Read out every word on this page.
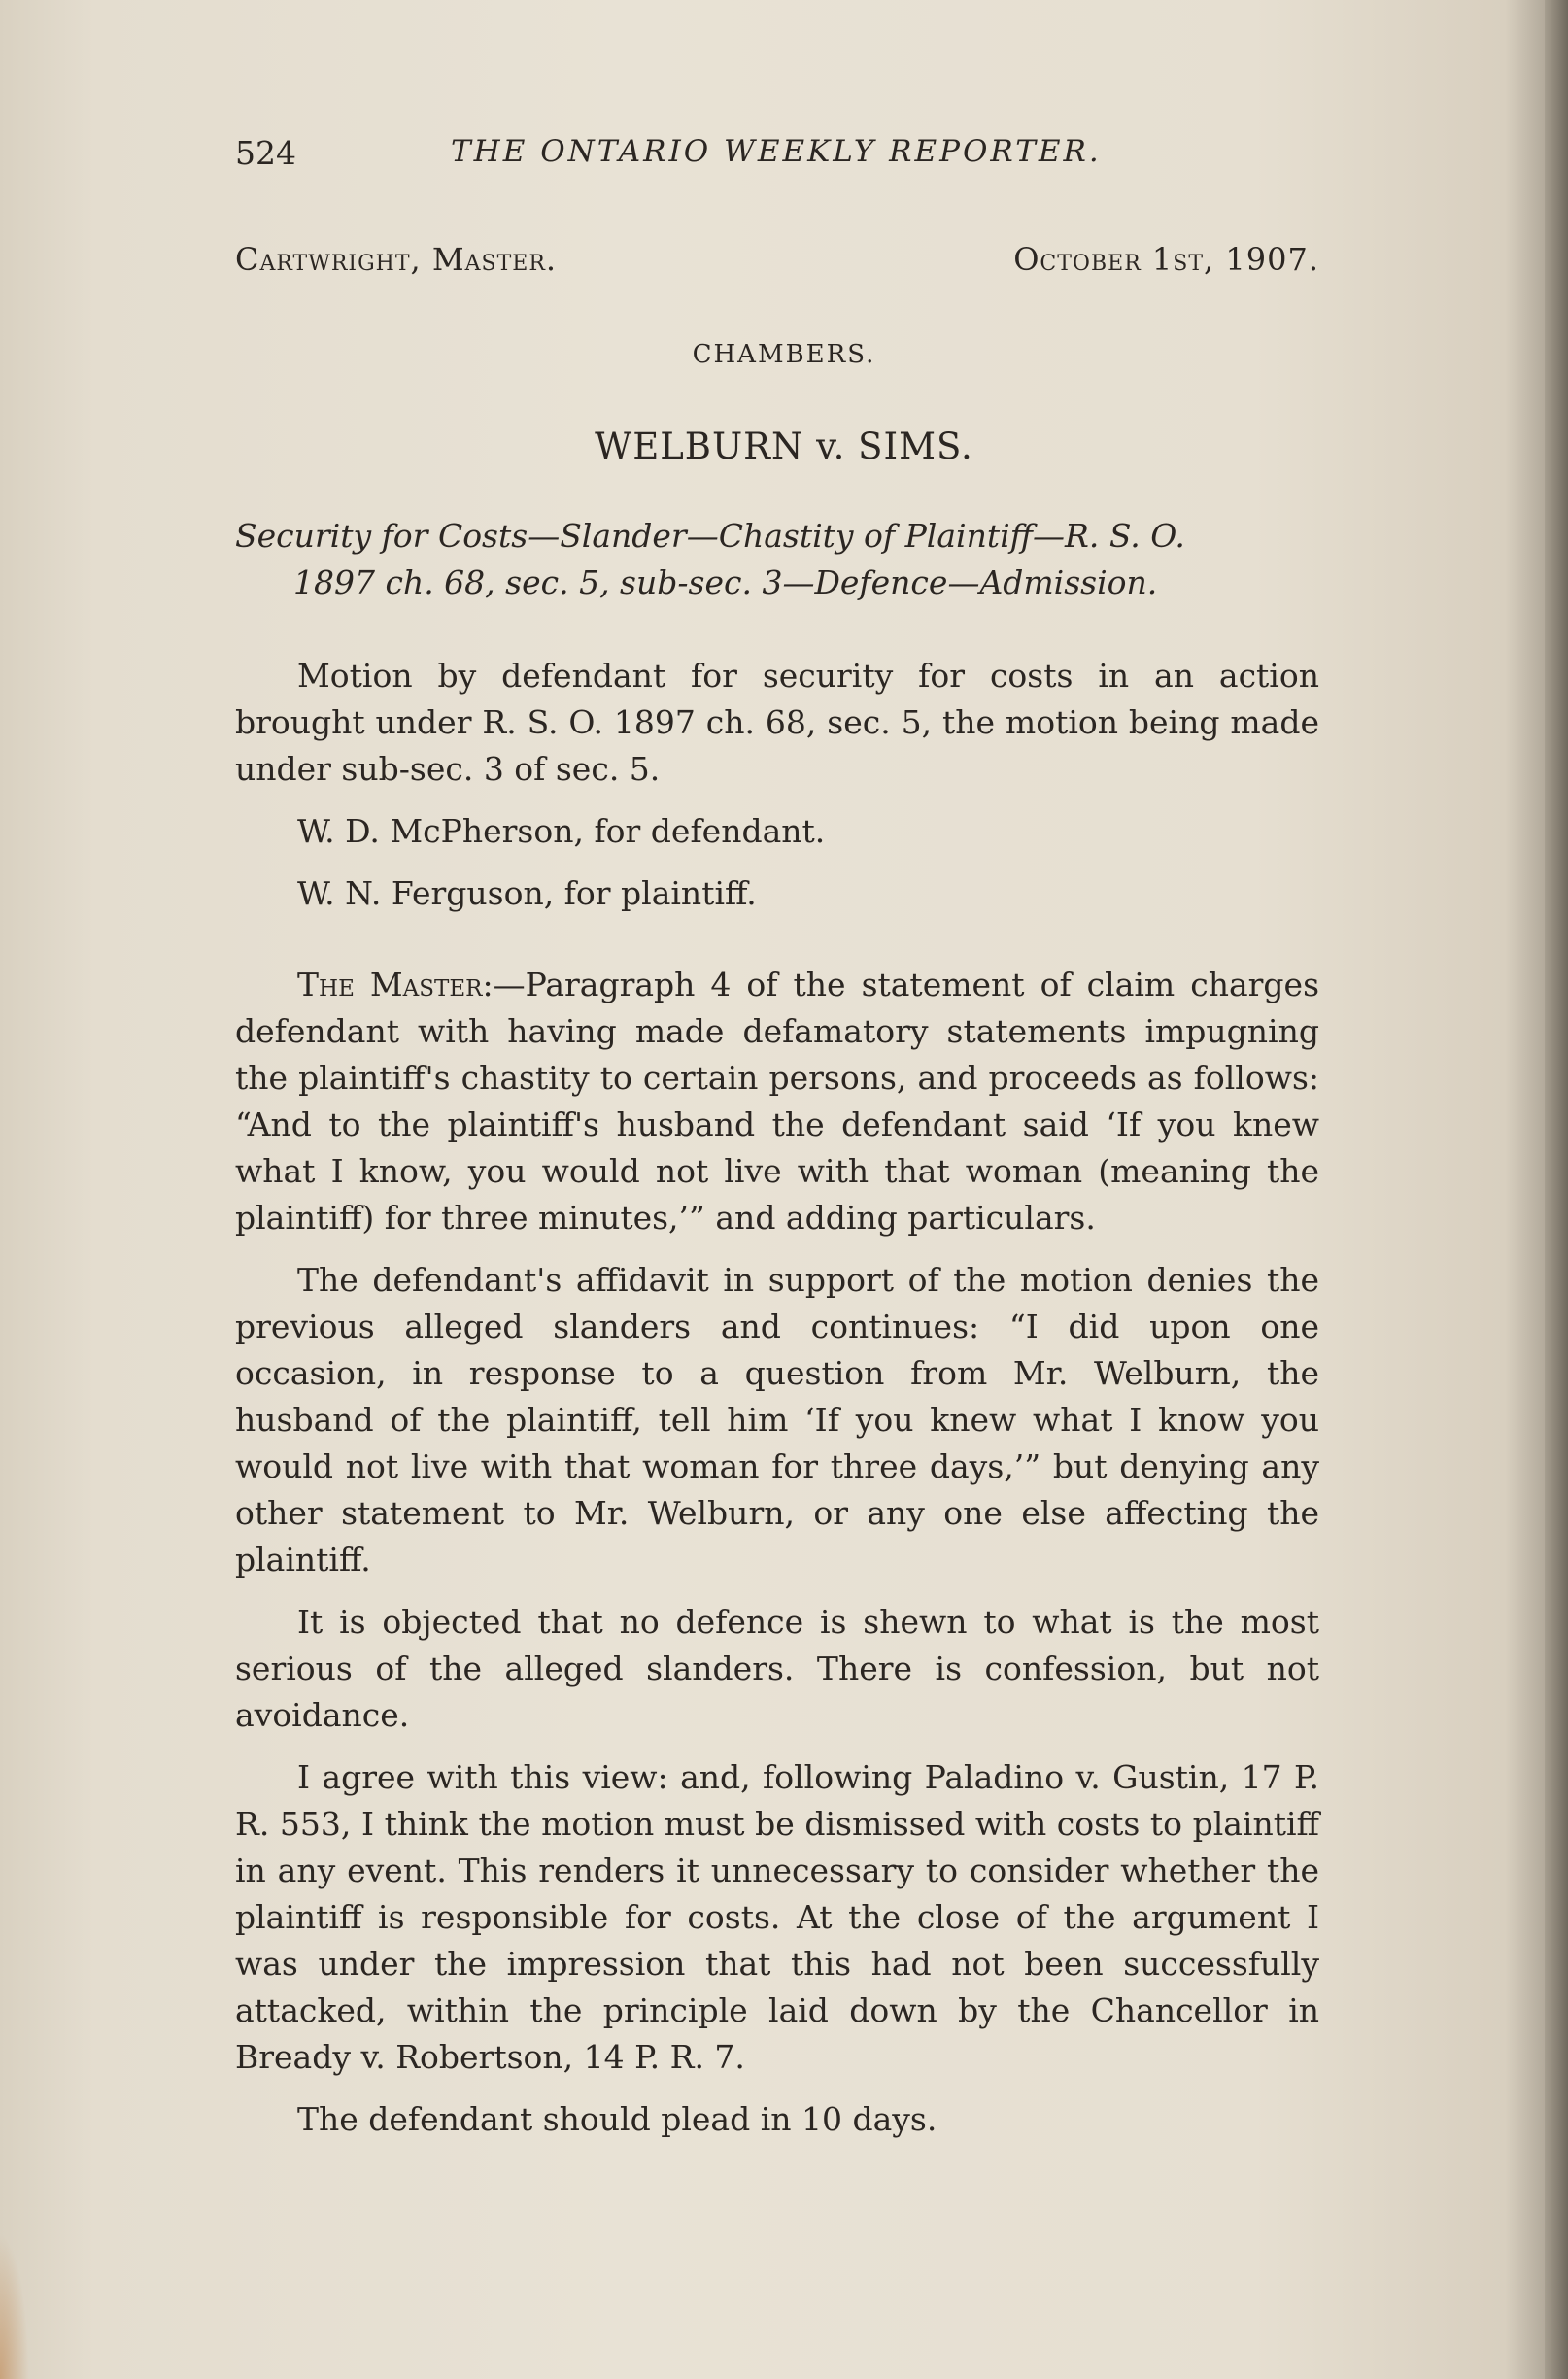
524	THE ONTARIO WEEKLY REPORTER.
Cartwright, Master.	October 1st, 1907.
CHAMBERS.
WELBURN v. SIMS.
Security for Costs—Slander—Chastity of Plaintiff—R. S. O.
1897 ch. 68, sec. 5, sub-sec. 3—Defence—Admission.

Motion by defendant for security for costs in an action brought under R. S. O. 1897 ch. 68, sec. 5, the motion being made under sub-sec. 3 of sec. 5.

W. D. McPherson, for defendant.

W. N. Ferguson, for plaintiff.

The Master:—Paragraph 4 of the statement of claim charges defendant with having made defamatory statements impugning the plaintiff's chastity to certain persons, and proceeds as follows: “And to the plaintiff's husband the defendant said ‘If you knew what I know, you would not live with that woman (meaning the plaintiff) for three minutes,’” and adding particulars.

The defendant's affidavit in support of the motion denies the previous alleged slanders and continues: “I did upon one occasion, in response to a question from Mr. Welburn, the husband of the plaintiff, tell him ‘If you knew what I know you would not live with that woman for three days,’” but denying any other statement to Mr. Welburn, or any one else affecting the plaintiff.

It is objected that no defence is shewn to what is the most serious of the alleged slanders. There is confession, but not avoidance.

I agree with this view: and, following Paladino v. Gustin, 17 P. R. 553, I think the motion must be dismissed with costs to plaintiff in any event. This renders it unnecessary to consider whether the plaintiff is responsible for costs. At the close of the argument I was under the impression that this had not been successfully attacked, within the principle laid down by the Chancellor in Bready v. Robertson, 14 P. R. 7.

The defendant should plead in 10 days.
